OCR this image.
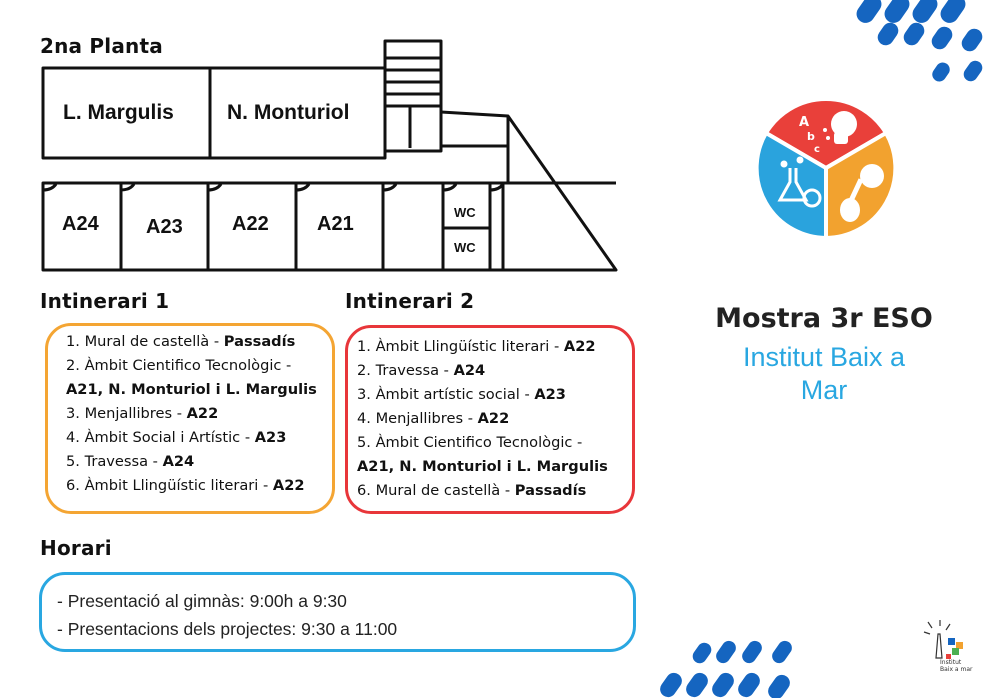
2na Planta
L. Margulis	N. Monturiol
A24 A23 A22 A21
WC
WC
Intinerari 1
1. Mural de castellà - Passadís
2. Àmbit Cientifico Tecnològic -
A21, N. Monturiol i L. Margulis
3. Menjallibres - A22
4. Àmbit Social i Artístic - A23
5. Travessa - A24
6. Àmbit Llingüístic literari - A22
Intinerari 2
1. Àmbit Llingüístic literari - A22
2. Travessa - A24
3. Àmbit artístic social - A23
4. Menjallibres - A22
5. Àmbit Cientifico Tecnològic -
A21, N. Monturiol i L. Margulis
6. Mural de castellà - Passadís
Horari
- Presentació al gimnàs: 9:00h a 9:30
- Presentacions dels projectes: 9:30 a 11:00
A
b
c
Mostra 3r ESO
Institut Baix a
Mar
Institut
Baix a mar
